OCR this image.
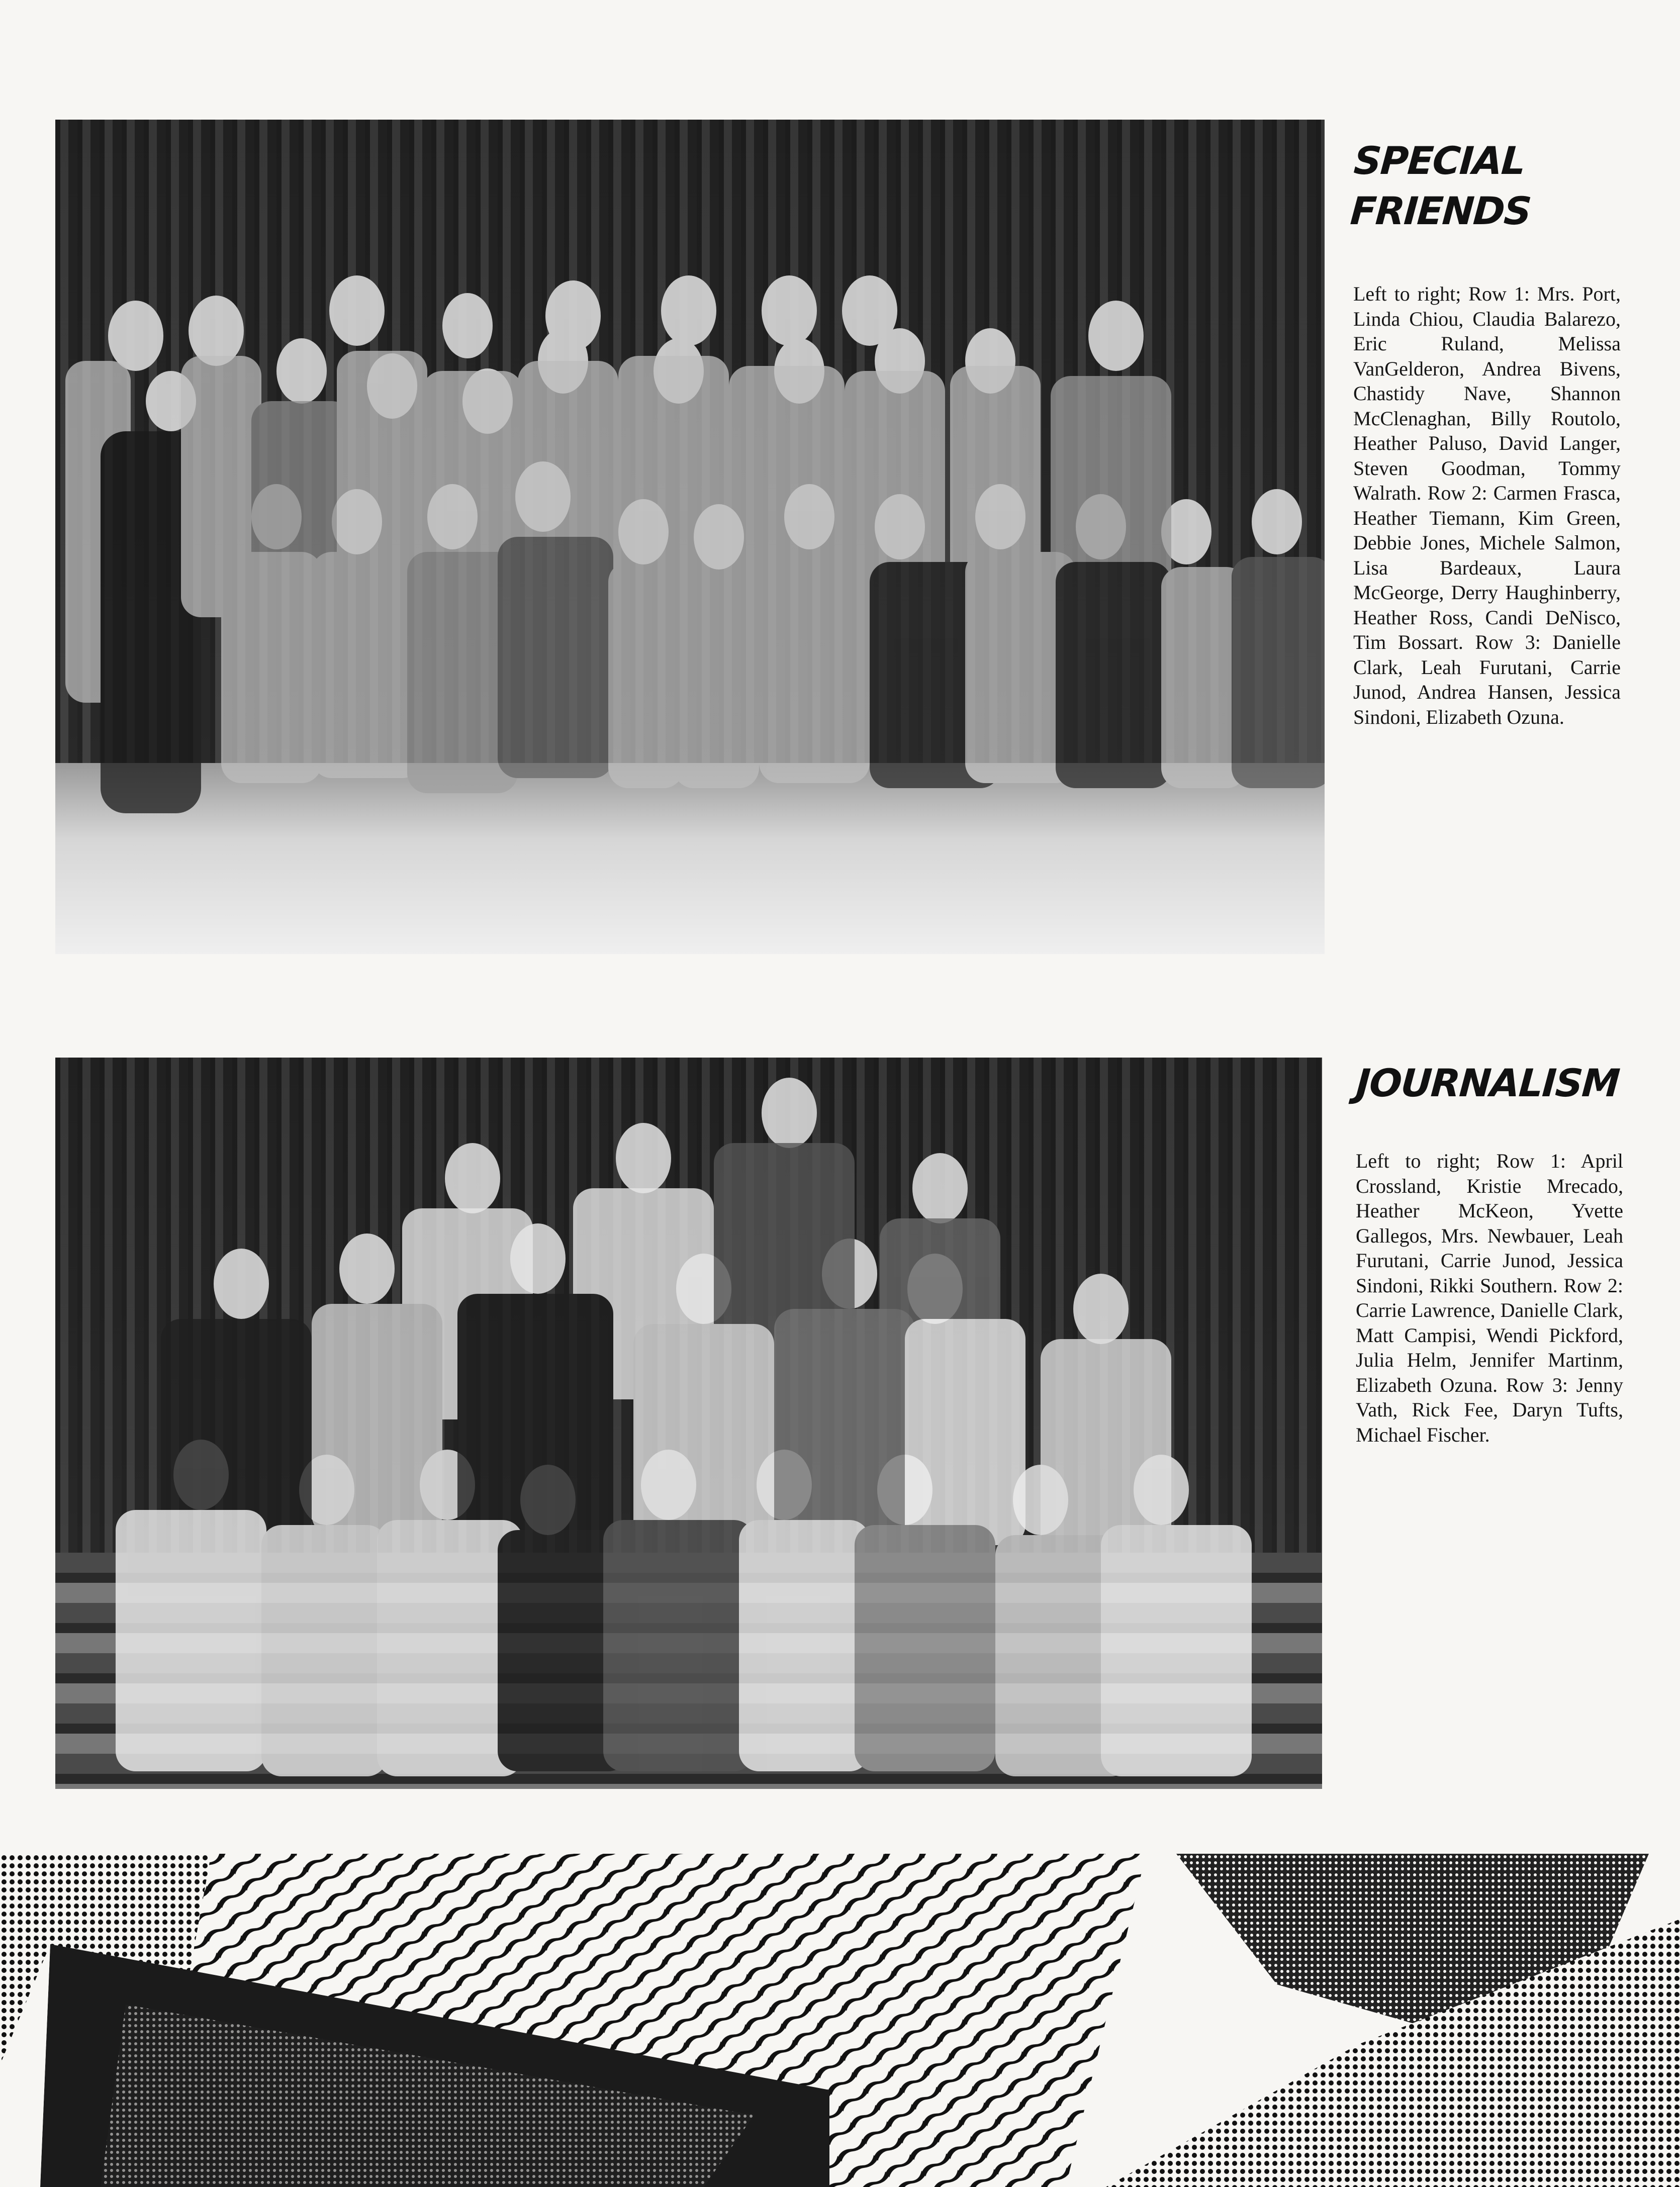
SPECIAL FRIENDS

Left to right; Row 1: Mrs. Port, Linda Chiou, Claudia Balarezo, Eric Ruland, Melissa VanGelderon, Andrea Bivens, Chastidy Nave, Shannon McClenaghan, Billy Routolo, Heather Paluso, David Langer, Steven Goodman, Tommy Walrath. Row 2: Carmen Frasca, Heather Tiemann, Kim Green, Debbie Jones, Michele Salmon, Lisa Bardeaux, Laura McGeorge, Derry Haughinberry, Heather Ross, Candi DeNisco, Tim Bossart. Row 3: Danielle Clark, Leah Furutani, Carrie Junod, Andrea Hansen, Jessica Sindoni, Elizabeth Ozuna.

JOURNALISM

Left to right; Row 1: April Crossland, Kristie Mrecado, Heather McKeon, Yvette Gallegos, Mrs. Newbauer, Leah Furutani, Carrie Junod, Jessica Sindoni, Rikki Southern. Row 2: Carrie Lawrence, Danielle Clark, Matt Campisi, Wendi Pickford, Julia Helm, Jennifer Martinm, Elizabeth Ozuna. Row 3: Jenny Vath, Rick Fee, Daryn Tufts, Michael Fischer.
